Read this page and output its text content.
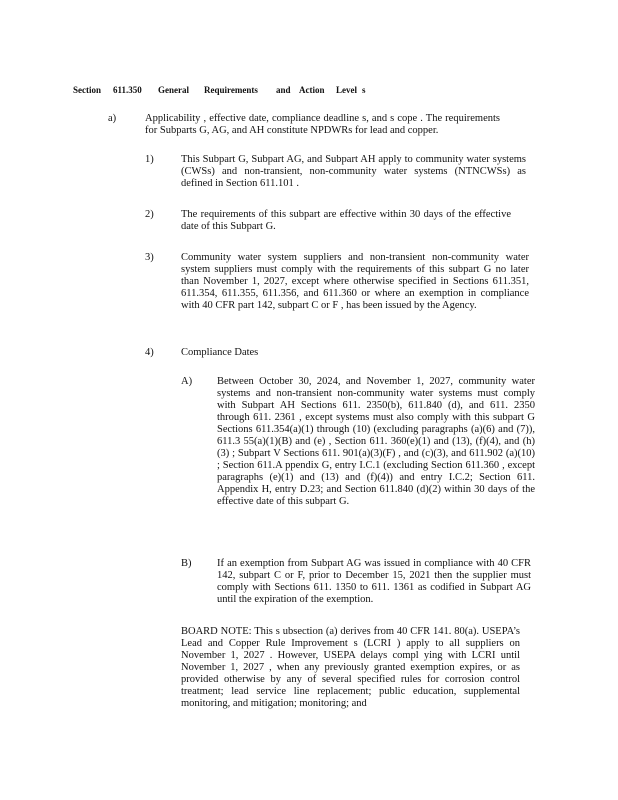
Section 611.350 General Requirements and Action Level s
a)	Applicability , effective date, compliance deadline s, and s cope . The requirements for Subparts G, AG, and AH constitute NPDWRs for lead and copper.
1)	This Subpart G, Subpart AG, and Subpart AH apply to community water systems (CWSs) and non-transient, non-community water systems (NTNCWSs) as defined in Section 611.101 .
2)	The requirements of this subpart are effective within 30 days of the effective date of this Subpart G.
3)	Community water system suppliers and non-transient non-community water system suppliers must comply with the requirements of this subpart G no later than November 1, 2027, except where otherwise specified in Sections 611.351, 611.354, 611.355, 611.356, and 611.360 or where an exemption in compliance with 40 CFR part 142, subpart C or F , has been issued by the Agency.
4)	Compliance Dates
A) Between October 30, 2024, and November 1, 2027, community water systems and non-transient non-community water systems must comply with Subpart AH Sections 611. 2350(b), 611.840 (d), and 611. 2350 through 611. 2361 , except systems must also comply with this subpart G Sections 611.354(a)(1) through (10) (excluding paragraphs (a)(6) and (7)), 611.3 55(a)(1)(B) and (e) , Section 611. 360(e)(1) and (13), (f)(4), and (h)(3) ; Subpart V Sections 611. 901(a)(3)(F) , and (c)(3), and 611.902 (a)(10) ; Section 611.A ppendix G, entry I.C.1 (excluding Section 611.360 , except paragraphs (e)(1) and (13) and (f)(4)) and entry I.C.2; Section 611. Appendix H, entry D.23; and Section 611.840 (d)(2) within 30 days of the effective date of this subpart G.
B) If an exemption from Subpart AG was issued in compliance with 40 CFR 142, subpart C or F, prior to December 15, 2021 then the supplier must comply with Sections 611. 1350 to 611. 1361 as codified in Subpart AG until the expiration of the exemption.
BOARD NOTE: This s ubsection (a) derives from 40 CFR 141. 80(a). USEPA’s Lead and Copper Rule Improvement s (LCRI ) apply to all suppliers on November 1, 2027 . However, USEPA delays compl ying with LCRI until November 1, 2027 , when any previously granted exemption expires, or as provided otherwise by any of several specified rules for corrosion control treatment; lead service line replacement; public education, supplemental monitoring, and mitigation; monitoring; and
